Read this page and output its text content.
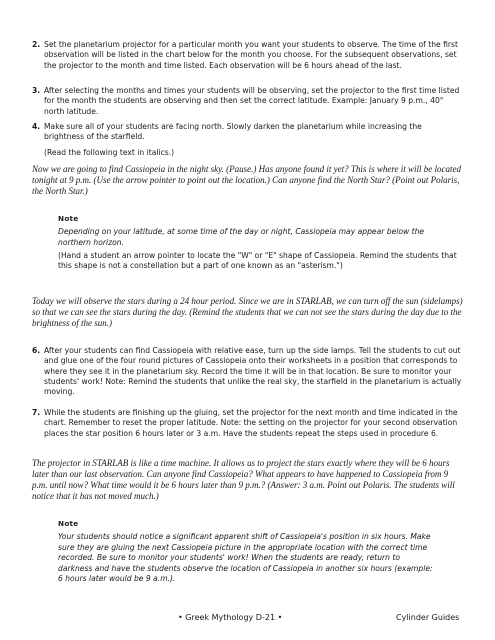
2. Set the planetarium projector for a particular month you want your students to observe. The time of the first observation will be listed in the chart below for the month you choose. For the subsequent observations, set the projector to the month and time listed. Each observation will be 6 hours ahead of the last.
3. After selecting the months and times your students will be observing, set the projector to the first time listed for the month the students are observing and then set the correct latitude. Example: January 9 p.m., 40° north latitude.
4. Make sure all of your students are facing north. Slowly darken the planetarium while increasing the brightness of the starfield.
(Read the following text in italics.)
Now we are going to find Cassiopeia in the night sky. (Pause.) Has anyone found it yet? This is where it will be located tonight at 9 p.m. (Use the arrow pointer to point out the location.) Can anyone find the North Star? (Point out Polaris, the North Star.)
Note
Depending on your latitude, at some time of the day or night, Cassiopeia may appear below the northern horizon.
(Hand a student an arrow pointer to locate the "W" or "E" shape of Cassiopeia. Remind the students that this shape is not a constellation but a part of one known as an "asterism.")
Today we will observe the stars during a 24 hour period. Since we are in STARLAB, we can turn off the sun (sidelamps) so that we can see the stars during the day. (Remind the students that we can not see the stars during the day due to the brightness of the sun.)
6. After your students can find Cassiopeia with relative ease, turn up the side lamps. Tell the students to cut out and glue one of the four round pictures of Cassiopeia onto their worksheets in a position that corresponds to where they see it in the planetarium sky. Record the time it will be in that location. Be sure to monitor your students' work! Note: Remind the students that unlike the real sky, the starfield in the planetarium is actually moving.
7. While the students are finishing up the gluing, set the projector for the next month and time indicated in the chart. Remember to reset the proper latitude. Note: the setting on the projector for your second observation places the star position 6 hours later or 3 a.m. Have the students repeat the steps used in procedure 6.
The projector in STARLAB is like a time machine. It allows us to project the stars exactly where they will be 6 hours later than our last observation. Can anyone find Cassiopeia? What appears to have happened to Cassiopeia from 9 p.m. until now? What time would it be 6 hours later than 9 p.m.? (Answer: 3 a.m. Point out Polaris. The students will notice that it has not moved much.)
Note
Your students should notice a significant apparent shift of Cassiopeia's position in six hours. Make sure they are gluing the next Cassiopeia picture in the appropriate location with the correct time recorded. Be sure to monitor your students' work! When the students are ready, return to darkness and have the students observe the location of Cassiopeia in another six hours (example: 6 hours later would be 9 a.m.).
• Greek Mythology D-21 •	Cylinder Guides
